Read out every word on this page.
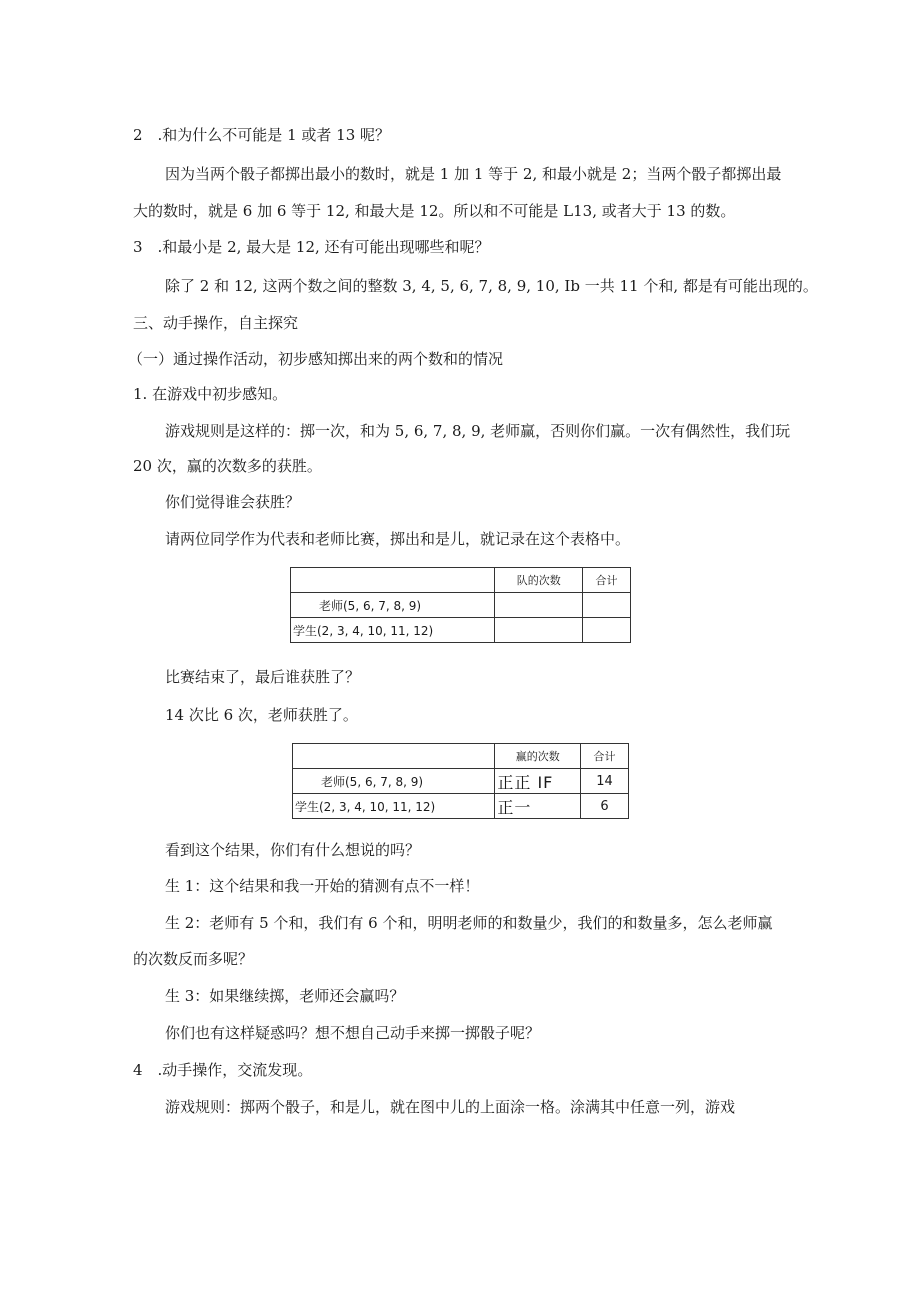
2　.和为什么不可能是 1 或者 13 呢？
因为当两个骰子都掷出最小的数时，就是 1 加 1 等于 2, 和最小就是 2；当两个骰子都掷出最
大的数时，就是 6 加 6 等于 12, 和最大是 12。所以和不可能是 L13, 或者大于 13 的数。
3　.和最小是 2, 最大是 12, 还有可能出现哪些和呢？
除了 2 和 12, 这两个数之间的整数 3, 4, 5, 6, 7, 8, 9, 10, Ib 一共 11 个和, 都是有可能出现的。
三、动手操作，自主探究
（一）通过操作活动，初步感知掷出来的两个数和的情况
1. 在游戏中初步感知。
游戏规则是这样的：掷一次，和为 5, 6, 7, 8, 9, 老师赢，否则你们赢。一次有偶然性，我们玩
20 次，赢的次数多的获胜。
你们觉得谁会获胜？
请两位同学作为代表和老师比赛，掷出和是儿，就记录在这个表格中。
	队的次数	合计
老师(5, 6, 7, 8, 9)		
学生(2, 3, 4, 10, 11, 12)		
比赛结束了，最后谁获胜了？
14 次比 6 次，老师获胜了。
	赢的次数	合计
老师(5, 6, 7, 8, 9)	正正 IF	14
学生(2, 3, 4, 10, 11, 12)	正一	6
看到这个结果，你们有什么想说的吗？
生 1：这个结果和我一开始的猜测有点不一样！
生 2：老师有 5 个和，我们有 6 个和，明明老师的和数量少，我们的和数量多，怎么老师赢
的次数反而多呢？
生 3：如果继续掷，老师还会赢吗？
你们也有这样疑惑吗？想不想自己动手来掷一掷骰子呢？
4　.动手操作，交流发现。
游戏规则：掷两个骰子，和是儿，就在图中儿的上面涂一格。涂满其中任意一列，游戏
